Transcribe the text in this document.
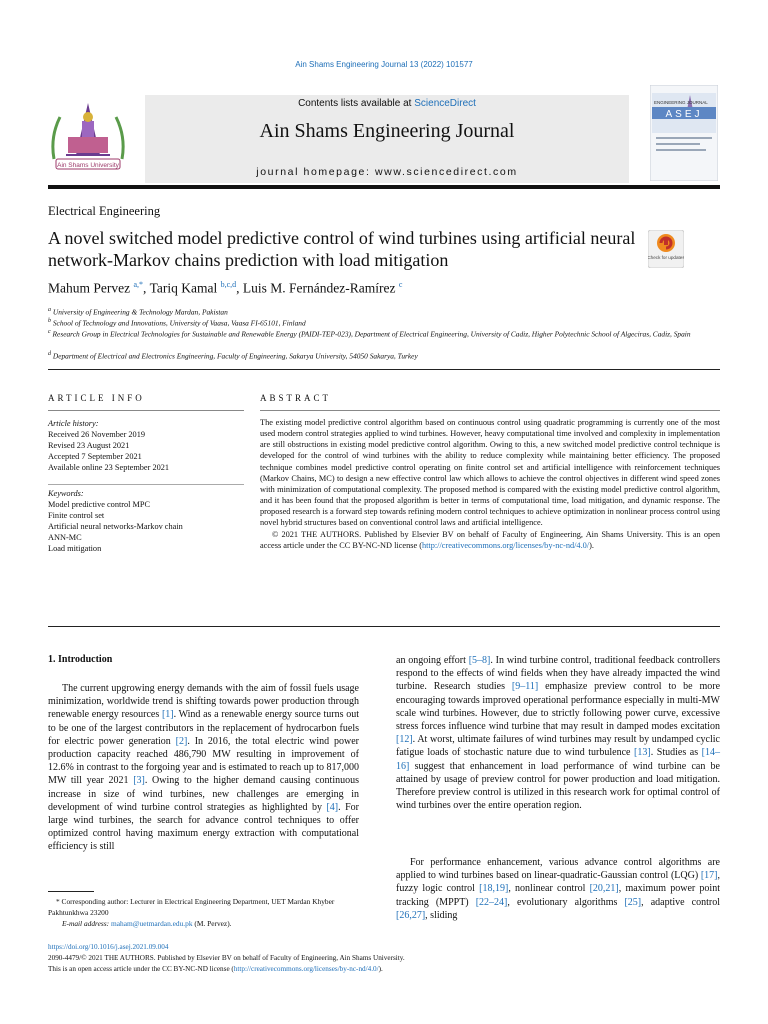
Ain Shams Engineering Journal 13 (2022) 101577
Ain Shams University
Contents lists available at ScienceDirect
Ain Shams Engineering Journal
journal homepage: www.sciencedirect.com
ENGINEERING JOURNAL
ASEJ
Electrical Engineering
A novel switched model predictive control of wind turbines using artificial neural network-Markov chains prediction with load mitigation	Check for updates
Mahum Pervez $^{a,*}$, Tariq Kamal $^{b,c,d}$, Luis M. Fernández-Ramírez $^c$
$^a$ University of Engineering & Technology Mardan, Pakistan
$^b$ School of Technology and Innovations, University of Vaasa, Vaasa FI-65101, Finland
$^c$ Research Group in Electrical Technologies for Sustainable and Renewable Energy (PAIDI-TEP-023), Department of Electrical Engineering, University of Cadiz, Higher Polytechnic School of Algeciras, Cadiz, Spain
$^d$ Department of Electrical and Electronics Engineering, Faculty of Engineering, Sakarya University, 54050 Sakarya, Turkey
ARTICLE INFO	ABSTRACT
Article history:
Received 26 November 2019
Revised 23 August 2021
Accepted 7 September 2021
Available online 23 September 2021
Keywords:
Model predictive control MPC
Finite control set
Artificial neural networks-Markov chain
ANN-MC
Load mitigation
The existing model predictive control algorithm based on continuous control using quadratic programming is currently one of the most used modern control strategies applied to wind turbines. However, heavy computational time involved and complexity in implementation are still obstructions in existing model predictive control algorithm. Owing to this, a new switched model predictive control technique is developed for the control of wind turbines with the ability to reduce complexity while maintaining better efficiency. The proposed technique combines model predictive control operating on finite control set and artificial intelligence with reinforcement techniques (Markov Chains, MC) to design a new effective control law which allows to achieve the control objectives in different wind speed zones with minimization of computational complexity. The proposed method is compared with the existing model predictive control algorithm, and it has been found that the proposed algorithm is better in terms of computational time, load mitigation, and dynamic response. The proposed research is a forward step towards refining modern control techniques to achieve optimization in nonlinear process control using novel hybrid structures based on conventional control laws and artificial intelligence.
© 2021 THE AUTHORS. Published by Elsevier BV on behalf of Faculty of Engineering, Ain Shams University. This is an open access article under the CC BY-NC-ND license (http://creativecommons.org/licenses/by-nc-nd/4.0/).
1. Introduction
The current upgrowing energy demands with the aim of fossil fuels usage minimization, worldwide trend is shifting towards power production through renewable energy resources [1]. Wind as a renewable energy source turns out to be one of the largest contributors in the replacement of hydrocarbon fuels for electric power generation [2]. In 2016, the total electric wind power production capacity reached 486,790 MW resulting in improvement of 12.6% in contrast to the forgoing year and is estimated to reach up to 817,000 MW till year 2021 [3]. Owing to the higher demand causing continuous increase in size of wind turbines, new challenges are emerging in development of wind turbine control strategies as highlighted by [4]. For large wind turbines, the search for advance control techniques to offer optimized control having maximum energy extraction with computational efficiency is still
an ongoing effort [5–8]. In wind turbine control, traditional feedback controllers respond to the effects of wind fields when they have already impacted the wind turbine. Research studies [9–11] emphasize preview control to be more encouraging towards improved operational performance especially in multi-MW scale wind turbines. However, due to strictly following power curve, excessive stress forces influence wind turbine that may result in damped modes excitation [12]. At worst, ultimate failures of wind turbines may result by undamped cyclic fatigue loads of stochastic nature due to wind turbulence [13]. Studies as [14–16] suggest that enhancement in load performance of wind turbine can be attained by usage of preview control for power production and load mitigation. Therefore preview control is utilized in this research work for optimal control of wind turbines over the entire operation region.
For performance enhancement, various advance control algorithms are applied to wind turbines based on linear-quadratic-Gaussian control (LQG) [17], fuzzy logic control [18,19], nonlinear control [20,21], maximum power point tracking (MPPT) [22–24], evolutionary algorithms [25], adaptive control [26,27], sliding
* Corresponding author: Lecturer in Electrical Engineering Department, UET Mardan Khyber Pakhtunkhwa 23200
E-mail address: maham@uetmardan.edu.pk (M. Pervez).
https://doi.org/10.1016/j.asej.2021.09.004
2090-4479/© 2021 THE AUTHORS. Published by Elsevier BV on behalf of Faculty of Engineering, Ain Shams University.
This is an open access article under the CC BY-NC-ND license (http://creativecommons.org/licenses/by-nc-nd/4.0/).
